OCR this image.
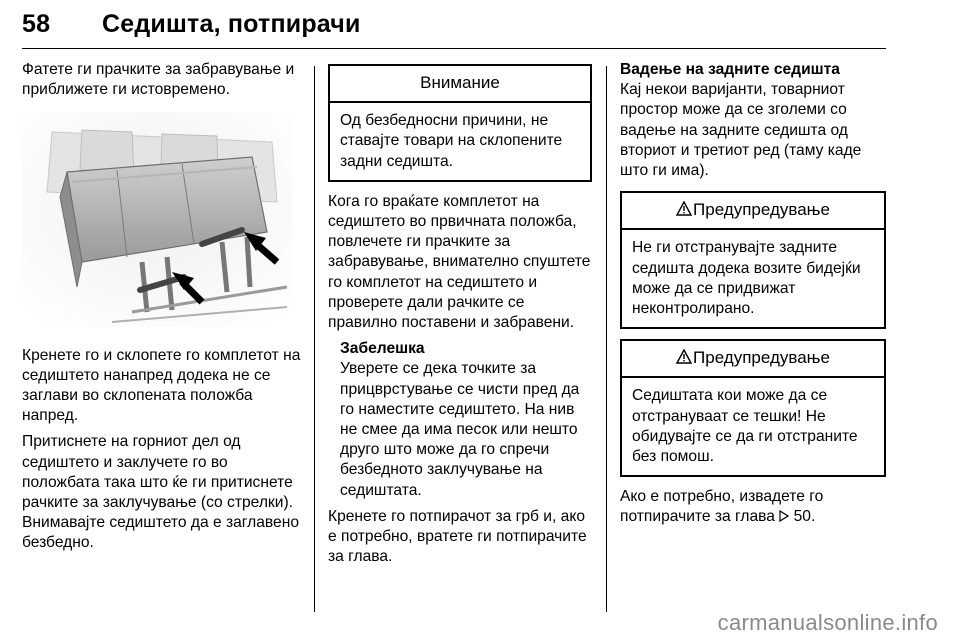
58 Седишта, потпирачи

Фатете ги прачките за забравување и приближете ги истовремено.

Кренете го и склопете го комплетот на седиштето нанапред додека не се заглави во склопената положба напред.

Притиснете на горниот дел од седиштето и заклучете го во положбата така што ќе ги притиснете рачките за заклучување (со стрелки). Внимавајте седиштето да е заглавено безбедно.

Внимание
Од безбедносни причини, не ставајте товари на склопените задни седишта.

Кога го враќате комплетот на седиштето во првичната положба, повлечете ги прачките за забравување, внимателно спуштете го комплетот на седиштето и проверете дали рачките се правилно поставени и забравени.

Забелешка
Уверете се дека точките за прицврстување се чисти пред да го наместите седиштето. На нив не смее да има песок или нешто друго што може да го спречи безбедното заклучување на седиштата.

Кренете го потпирачот за грб и, ако е потребно, вратете ги потпирачите за глава.

Вадење на задните седишта

Кај некои варијанти, товарниот простор може да се зголеми со вадење на задните седишта од вториот и третиот ред (таму каде што ги има).

Предупредување
Не ги отстранувајте задните седишта додека возите бидејќи може да се придвижат неконтролирано.
Предупредување
Седиштата кои може да се отстрануваат се тешки! Не обидувајте се да ги отстраните без помош.

Ако е потребно, извадете го потпирачите за глава 50.

carmanualsonline.info
